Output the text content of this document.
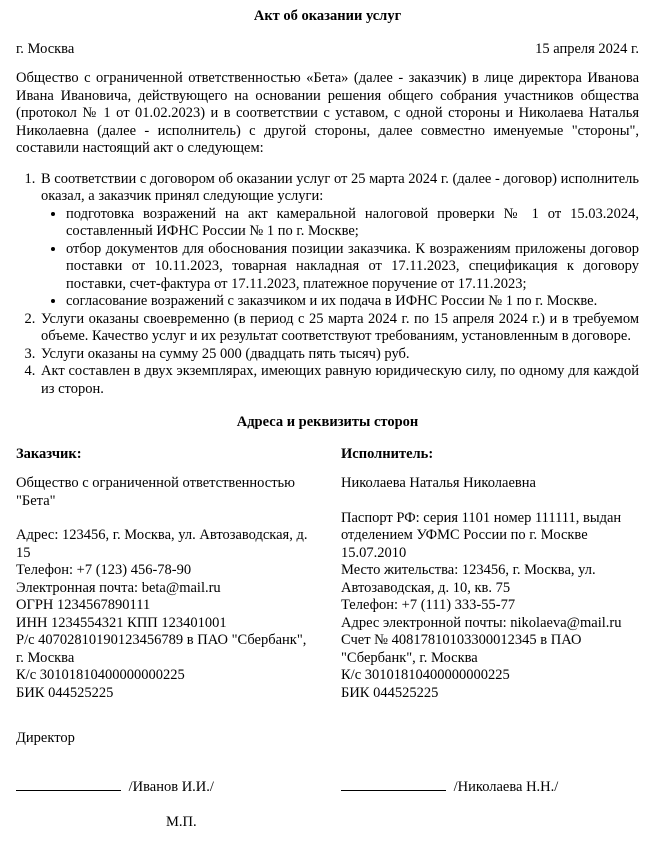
Акт об оказании услуг
г. Москва	15 апреля 2024 г.

Общество с ограниченной ответственностью «Бета» (далее - заказчик) в лице директора Иванова Ивана Ивановича, действующего на основании решения общего собрания участников общества (протокол № 1 от 01.02.2023) и в соответствии с уставом, с одной стороны и Николаева Наталья Николаевна (далее - исполнитель) с другой стороны, далее совместно именуемые "стороны", составили настоящий акт о следующем:

1. В соответствии с договором об оказании услуг от 25 марта 2024 г. (далее - договор) исполнитель оказал, а заказчик принял следующие услуги:
• подготовка возражений на акт камеральной налоговой проверки № 1 от 15.03.2024, составленный ИФНС России № 1 по г. Москве;
• отбор документов для обоснования позиции заказчика. К возражениям приложены договор поставки от 10.11.2023, товарная накладная от 17.11.2023, спецификация к договору поставки, счет-фактура от 17.11.2023, платежное поручение от 17.11.2023;
• согласование возражений с заказчиком и их подача в ИФНС России № 1 по г. Москве.
2. Услуги оказаны своевременно (в период с 25 марта 2024 г. по 15 апреля 2024 г.) и в требуемом объеме. Качество услуг и их результат соответствуют требованиям, установленным в договоре.
3. Услуги оказаны на сумму 25 000 (двадцать пять тысяч) руб.
4. Акт составлен в двух экземплярах, имеющих равную юридическую силу, по одному для каждой из сторон.
Адреса и реквизиты сторон
Заказчик:
Общество с ограниченной ответственностью "Бета"
Адрес: 123456, г. Москва, ул. Автозаводская, д. 15
Телефон: +7 (123) 456-78-90
Электронная почта: beta@mail.ru
ОГРН 1234567890111
ИНН 1234554321 КПП 123401001
Р/с 40702810190123456789 в ПАО "Сбербанк", г. Москва
К/с 30101810400000000225
БИК 044525225
Исполнитель:
Николаева Наталья Николаевна
Паспорт РФ: серия 1101 номер 111111, выдан отделением УФМС России по г. Москве 15.07.2010
Место жительства: 123456, г. Москва, ул. Автозаводская, д. 10, кв. 75
Телефон: +7 (111) 333-55-77
Адрес электронной почты: nikolaeva@mail.ru
Счет № 40817810103300012345 в ПАО "Сбербанк", г. Москва
К/с 30101810400000000225
БИК 044525225
Директор
/Иванов И.И./	/Николаева Н.Н./
М.П.
